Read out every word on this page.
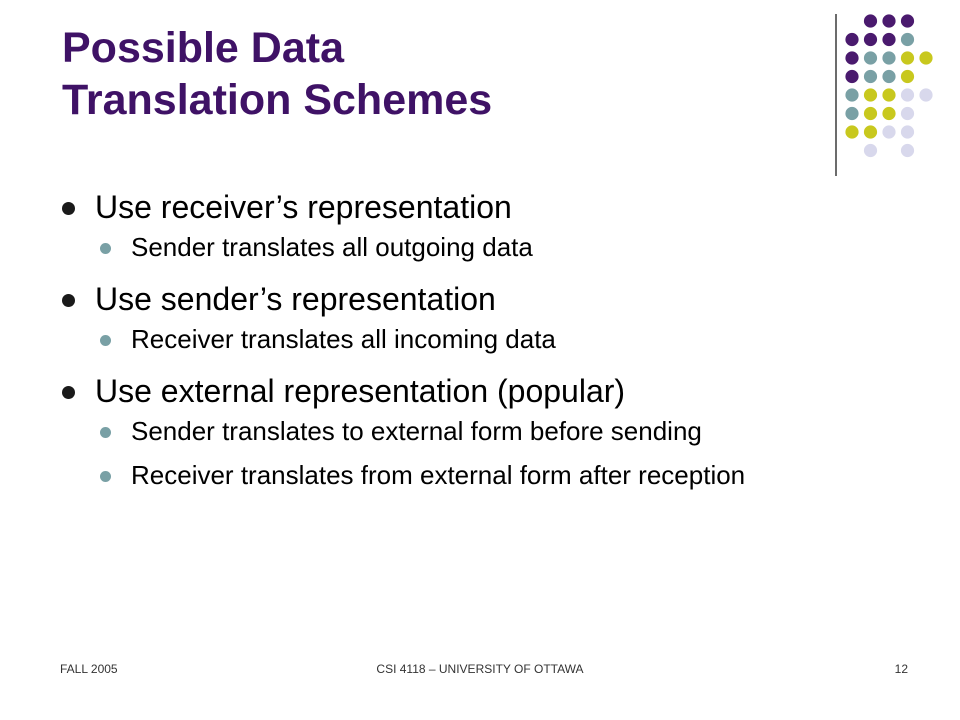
Possible Data
Translation Schemes
Use receiver’s representation
Sender translates all outgoing data
Use sender’s representation
Receiver translates all incoming data
Use external representation (popular)
Sender translates to external form before sending
Receiver translates from external form after reception
FALL 2005	CSI 4118 – UNIVERSITY OF OTTAWA	12
